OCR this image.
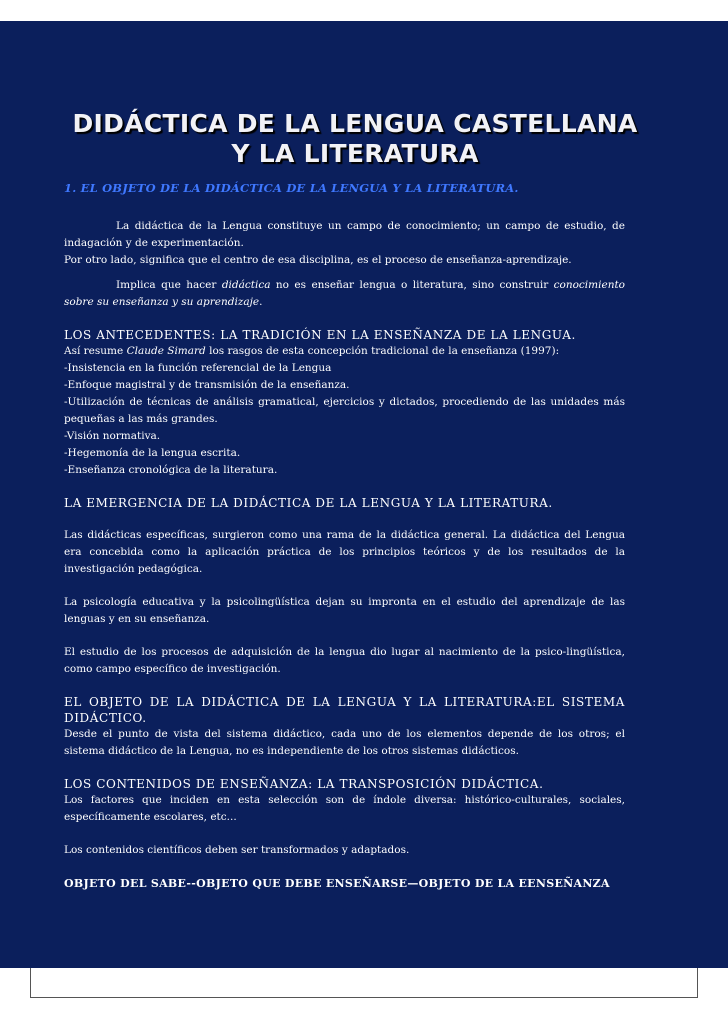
DIDÁCTICA DE LA LENGUA CASTELLANA Y LA LITERATURA

1. EL OBJETO DE LA DIDÁCTICA DE LA LENGUA Y LA LITERATURA.

La didáctica de la Lengua constituye un campo de conocimiento; un campo de estudio, de indagación y de experimentación.

Por otro lado, significa que el centro de esa disciplina, es el proceso de enseñanza-aprendizaje.

Implica que hacer didáctica no es enseñar lengua o literatura, sino construir conocimiento sobre su enseñanza y su aprendizaje.

LOS ANTECEDENTES: LA TRADICIÓN EN LA ENSEÑANZA DE LA LENGUA.

Así resume Claude Simard los rasgos de esta concepción tradicional de la enseñanza (1997):

-Insistencia en la función referencial de la Lengua

-Enfoque magistral y de transmisión de la enseñanza.

-Utilización de técnicas de análisis gramatical, ejercicios y dictados, procediendo de las unidades más pequeñas a las más grandes.

-Visión normativa.

-Hegemonía de la lengua escrita.

-Enseñanza cronológica de la literatura.

LA EMERGENCIA DE LA DIDÁCTICA DE LA LENGUA Y LA LITERATURA.

Las didácticas específicas, surgieron como una rama de la didáctica general. La didáctica del Lengua era concebida como la aplicación práctica de los principios teóricos y de los resultados de la investigación pedagógica.

La psicología educativa y la psicolingüística dejan su impronta en el estudio del aprendizaje de las lenguas y en su enseñanza.

El estudio de los procesos de adquisición de la lengua dio lugar al nacimiento de la psico-lingüística, como campo específico de investigación.

EL OBJETO DE LA DIDÁCTICA DE LA LENGUA Y LA LITERATURA:EL SISTEMA DIDÁCTICO.

Desde el punto de vista del sistema didáctico, cada uno de los elementos depende de los otros; el sistema didáctico de la Lengua, no es independiente de los otros sistemas didácticos.

LOS CONTENIDOS DE ENSEÑANZA: LA TRANSPOSICIÓN DIDÁCTICA.

Los factores que inciden en esta selección son de índole diversa: histórico-culturales, sociales, específicamente escolares, etc...

Los contenidos científicos deben ser transformados y adaptados.

OBJETO DEL SABE--OBJETO QUE DEBE ENSEÑARSE—OBJETO DE LA EENSEÑANZA
